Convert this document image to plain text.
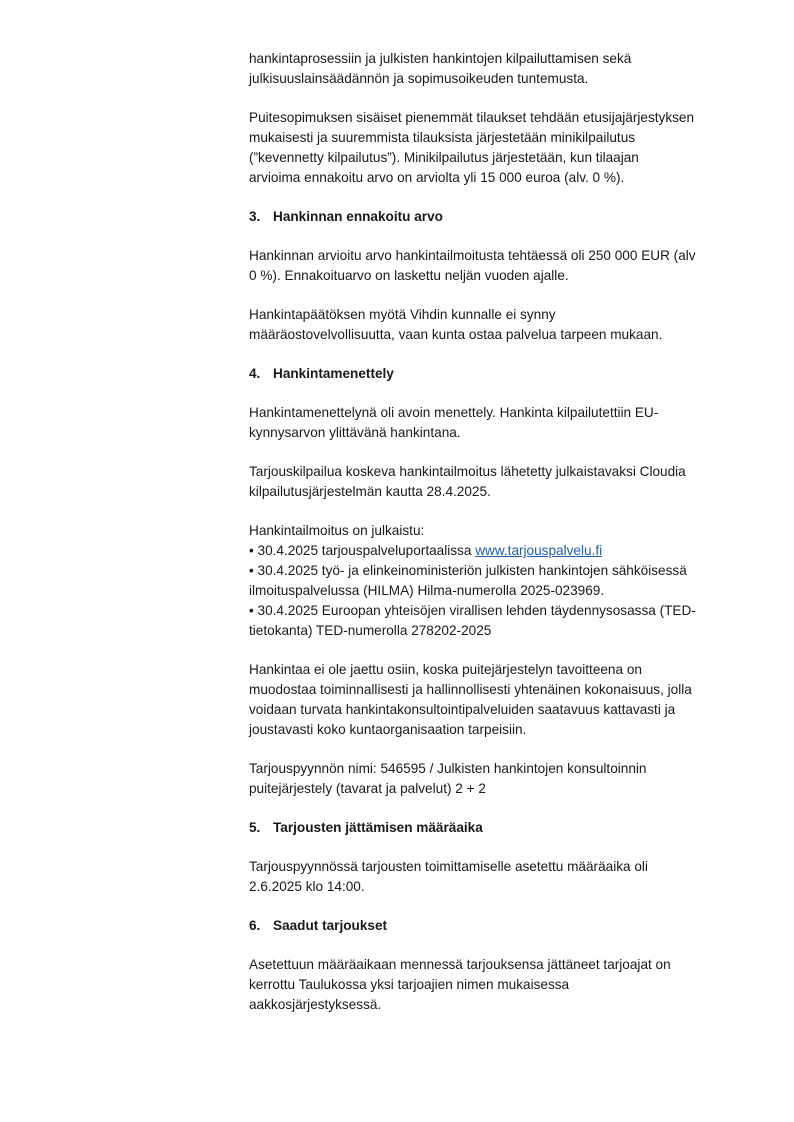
hankintaprosessiin ja julkisten hankintojen kilpailuttamisen sekä
julkisuuslainsäädännön ja sopimusoikeuden tuntemusta.
Puitesopimuksen sisäiset pienemmät tilaukset tehdään etusijajärjestyksen
mukaisesti ja suuremmista tilauksista järjestetään minikilpailutus
(”kevennetty kilpailutus”). Minikilpailutus järjestetään, kun tilaajan
arvioima ennakoitu arvo on arviolta yli 15 000 euroa (alv. 0 %).
3. Hankinnan ennakoitu arvo
Hankinnan arvioitu arvo hankintailmoitusta tehtäessä oli 250 000 EUR (alv
0 %). Ennakoituarvo on laskettu neljän vuoden ajalle.
Hankintapäätöksen myötä Vihdin kunnalle ei synny
määräostovelvollisuutta, vaan kunta ostaa palvelua tarpeen mukaan.
4. Hankintamenettely
Hankintamenettelynä oli avoin menettely. Hankinta kilpailutettiin EU-
kynnysarvon ylittävänä hankintana.
Tarjouskilpailua koskeva hankintailmoitus lähetetty julkaistavaksi Cloudia
kilpailutusjärjestelmän kautta 28.4.2025.
Hankintailmoitus on julkaistu:
• 30.4.2025 tarjouspalveluportaalissa www.tarjouspalvelu.fi
• 30.4.2025 työ- ja elinkeinoministeriön julkisten hankintojen sähköisessä
ilmoituspalvelussa (HILMA) Hilma-numerolla 2025-023969.
• 30.4.2025 Euroopan yhteisöjen virallisen lehden täydennysosassa (TED-
tietokanta) TED-numerolla 278202-2025
Hankintaa ei ole jaettu osiin, koska puitejärjestelyn tavoitteena on
muodostaa toiminnallisesti ja hallinnollisesti yhtenäinen kokonaisuus, jolla
voidaan turvata hankintakonsultointipalveluiden saatavuus kattavasti ja
joustavasti koko kuntaorganisaation tarpeisiin.
Tarjouspyynnön nimi: 546595 / Julkisten hankintojen konsultoinnin
puitejärjestely (tavarat ja palvelut) 2 + 2
5. Tarjousten jättämisen määräaika
Tarjouspyynnössä tarjousten toimittamiselle asetettu määräaika oli
2.6.2025 klo 14:00.
6. Saadut tarjoukset
Asetettuun määräaikaan mennessä tarjouksensa jättäneet tarjoajat on
kerrottu Taulukossa yksi tarjoajien nimen mukaisessa
aakkosjärjestyksessä.
